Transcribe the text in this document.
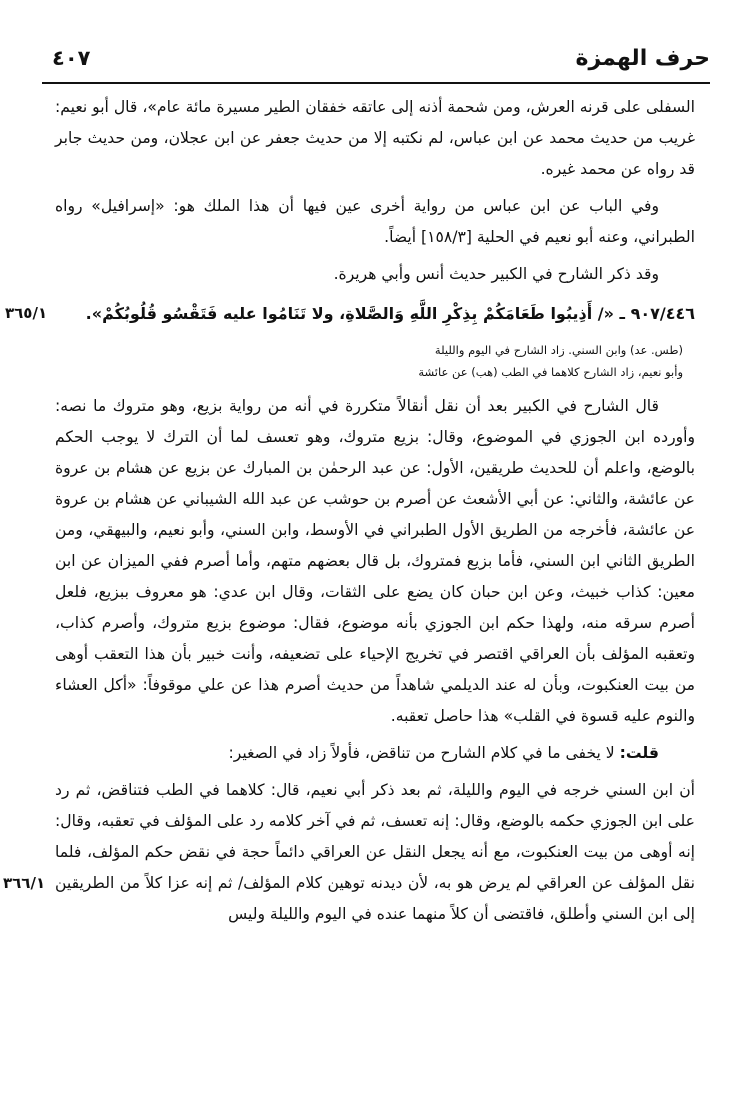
٤٠٧	حرف الهمزة

السفلى على قرنه العرش، ومن شحمة أذنه إلى عاتقه خفقان الطير مسيرة مائة عام»، قال أبو نعيم: غريب من حديث محمد عن ابن عباس، لم نكتبه إلا من حديث جعفر عن ابن عجلان، ومن حديث جابر قد رواه عن محمد غيره.

وفي الباب عن ابن عباس من رواية أخرى عين فيها أن هذا الملك هو: «إسرافيل» رواه الطبراني، وعنه أبو نعيم في الحلية [١٥٨/٣] أيضاً.

وقد ذكر الشارح في الكبير حديث أنس وأبي هريرة.

٣٦٥/١	٩٠٧/٤٤٦ ـ «/ أَذِيبُوا طَعَامَكُمْ بِذِكْرِ اللَّهِ وَالصَّلاةِ، ولا تَنَامُوا عليه فَتَقْسُو قُلُوبُكُمْ».

(طس. عد) وابن السني. زاد الشارح في اليوم والليلة

وأبو نعيم، زاد الشارح كلاهما في الطب (هب) عن عائشة

قال الشارح في الكبير بعد أن نقل أنقالاً متكررة في أنه من رواية بزيع، وهو متروك ما نصه: وأورده ابن الجوزي في الموضوع، وقال: بزيع متروك، وهو تعسف لما أن الترك لا يوجب الحكم بالوضع، واعلم أن للحديث طريقين، الأول: عن عبد الرحمٰن بن المبارك عن بزيع عن هشام بن عروة عن عائشة، والثاني: عن أبي الأشعث عن أصرم بن حوشب عن عبد الله الشيباني عن هشام بن عروة عن عائشة، فأخرجه من الطريق الأول الطبراني في الأوسط، وابن السني، وأبو نعيم، والبيهقي، ومن الطريق الثاني ابن السني، فأما بزيع فمتروك، بل قال بعضهم متهم، وأما أصرم ففي الميزان عن ابن معين: كذاب خبيث، وعن ابن حبان كان يضع على الثقات، وقال ابن عدي: هو معروف ببزيع، فلعل أصرم سرقه منه، ولهذا حكم ابن الجوزي بأنه موضوع، فقال: موضوع بزيع متروك، وأصرم كذاب، وتعقبه المؤلف بأن العراقي اقتصر في تخريج الإحياء على تضعيفه، وأنت خبير بأن هذا التعقب أوهى من بيت العنكبوت، وبأن له عند الديلمي شاهداً من حديث أصرم هذا عن علي موقوفاً: «أكل العشاء والنوم عليه قسوة في القلب» هذا حاصل تعقبه.

قلت: لا يخفى ما في كلام الشارح من تناقض، فأولاً زاد في الصغير:

أن ابن السني خرجه في اليوم والليلة، ثم بعد ذكر أبي نعيم، قال: كلاهما في الطب فتناقض، ثم رد على ابن الجوزي حكمه بالوضع، وقال: إنه تعسف، ثم في آخر كلامه رد على المؤلف في تعقبه، وقال: إنه أوهى من بيت العنكبوت، مع أنه يجعل النقل عن العراقي دائماً حجة في نقض حكم المؤلف، فلما نقل المؤلف عن العراقي لم يرض هو به، لأن ديدنه توهين كلام المؤلف/ ثم إنه عزا كلاً من الطريقين إلى ابن السني وأطلق، فاقتضى أن كلاً منهما عنده في اليوم والليلة وليس
٣٦٦/١
